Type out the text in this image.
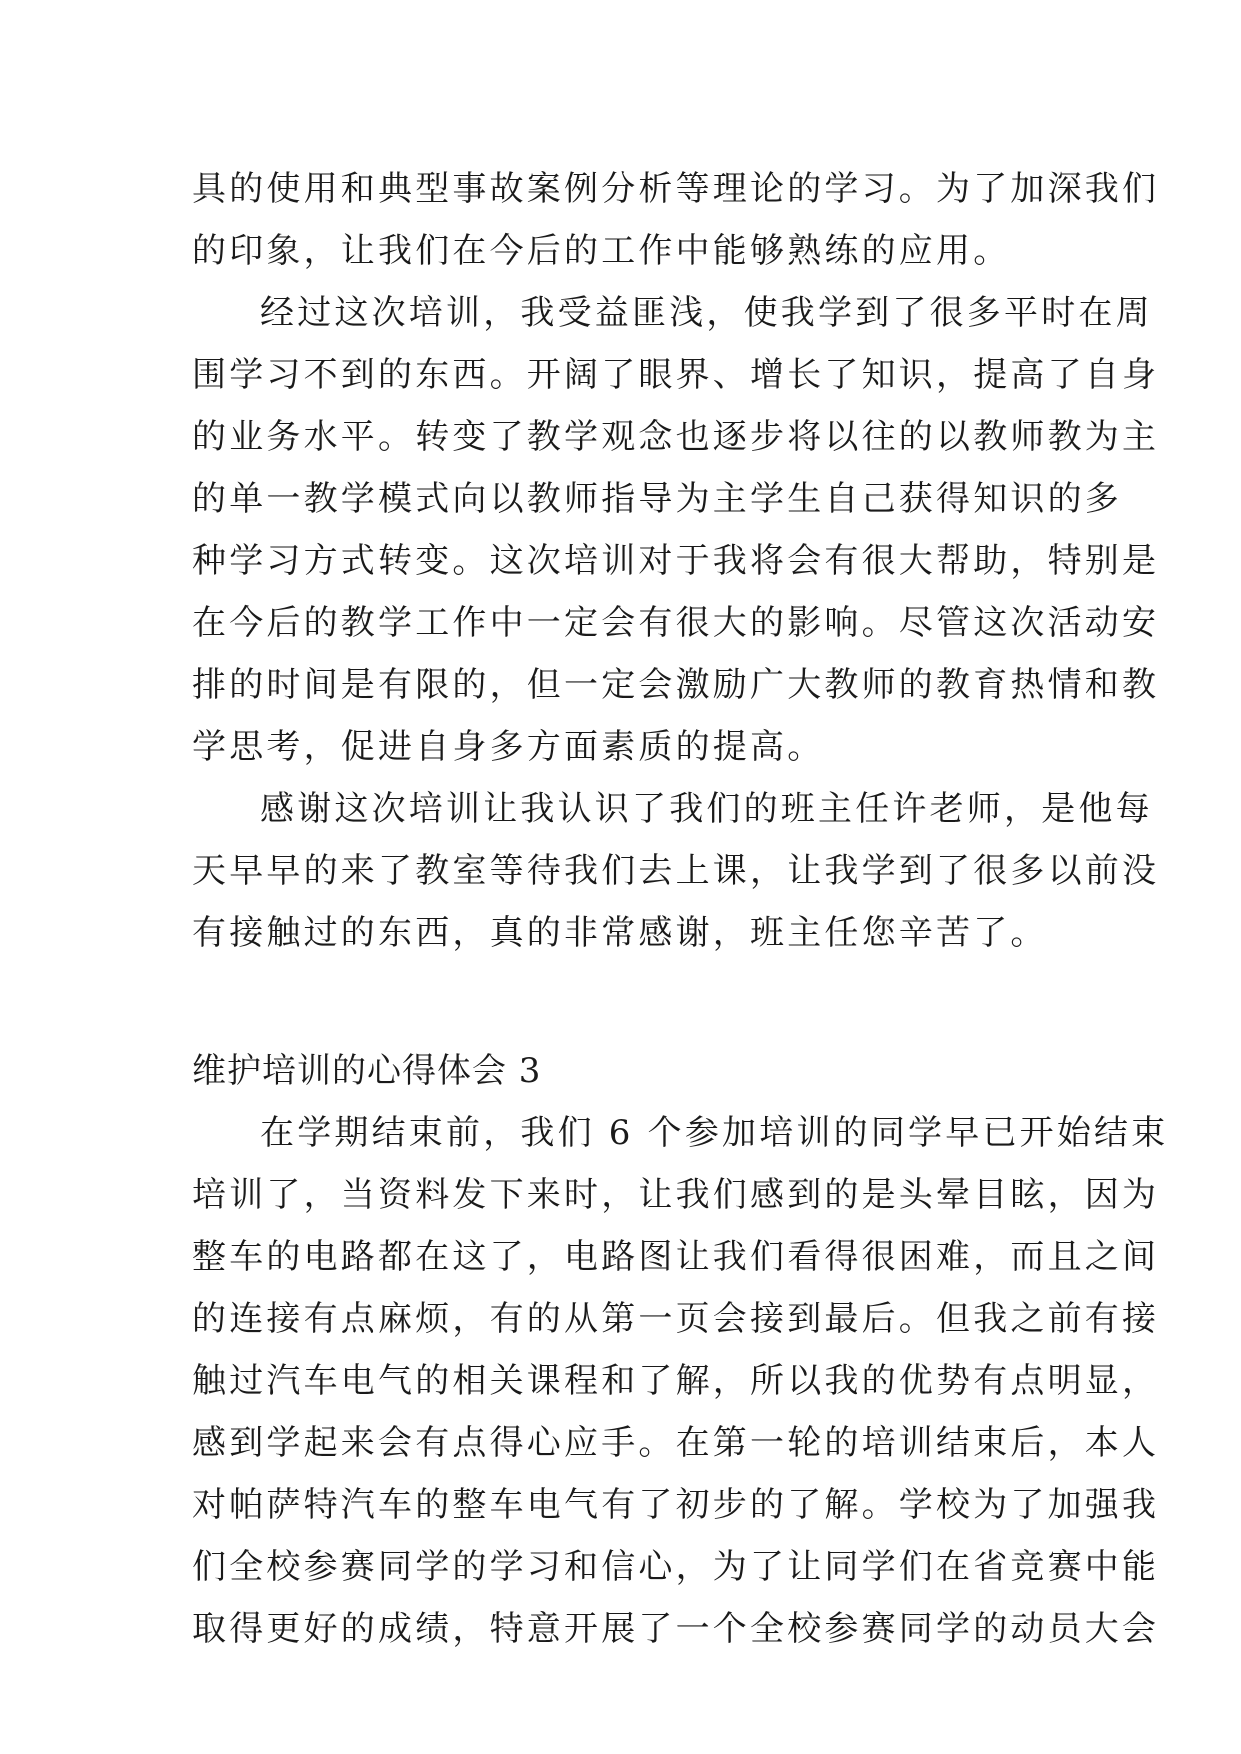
具的使用和典型事故案例分析等理论的学习。为了加深我们
的印象，让我们在今后的工作中能够熟练的应用。
经过这次培训，我受益匪浅，使我学到了很多平时在周
围学习不到的东西。开阔了眼界、增长了知识，提高了自身
的业务水平。转变了教学观念也逐步将以往的以教师教为主
的单一教学模式向以教师指导为主学生自己获得知识的多
种学习方式转变。这次培训对于我将会有很大帮助，特别是
在今后的教学工作中一定会有很大的影响。尽管这次活动安
排的时间是有限的，但一定会激励广大教师的教育热情和教
学思考，促进自身多方面素质的提高。
感谢这次培训让我认识了我们的班主任许老师，是他每
天早早的来了教室等待我们去上课，让我学到了很多以前没
有接触过的东西，真的非常感谢，班主任您辛苦了。
维护培训的心得体会 3
在学期结束前，我们 6 个参加培训的同学早已开始结束
培训了，当资料发下来时，让我们感到的是头晕目眩，因为
整车的电路都在这了，电路图让我们看得很困难，而且之间
的连接有点麻烦，有的从第一页会接到最后。但我之前有接
触过汽车电气的相关课程和了解，所以我的优势有点明显，
感到学起来会有点得心应手。在第一轮的培训结束后，本人
对帕萨特汽车的整车电气有了初步的了解。学校为了加强我
们全校参赛同学的学习和信心，为了让同学们在省竞赛中能
取得更好的成绩，特意开展了一个全校参赛同学的动员大会
